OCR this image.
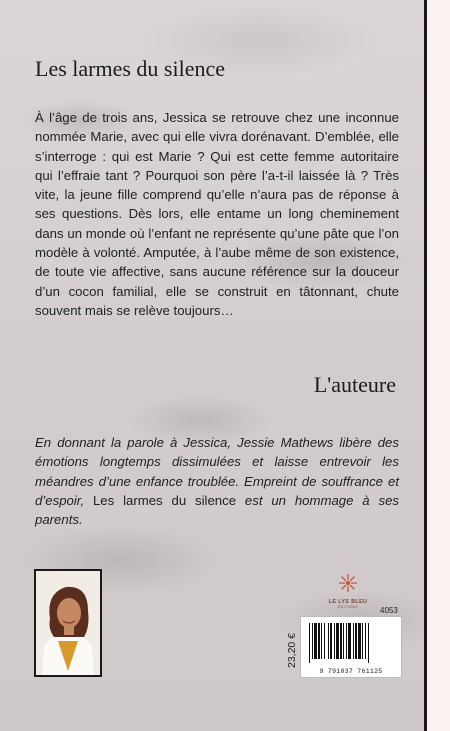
Les larmes du silence

À l’âge de trois ans, Jessica se retrouve chez une inconnue nommée Marie, avec qui elle vivra dorénavant. D’emblée, elle s’interroge : qui est Marie ? Qui est cette femme autoritaire qui l’effraie tant ? Pourquoi son père l’a-t-il laissée là ? Très vite, la jeune fille comprend qu’elle n’aura pas de réponse à ses questions. Dès lors, elle entame un long cheminement dans un monde où l’enfant ne représente qu’une pâte que l’on modèle à volonté. Amputée, à l’aube même de son existence, de toute vie affective, sans aucune référence sur la douceur d’un cocon familial, elle se construit en tâtonnant, chute souvent mais se relève toujours…

L'auteure

En donnant la parole à Jessica, Jessie Mathews libère des émotions longtemps dissimulées et laisse entrevoir les méandres d’une enfance troublée. Empreint de souffrance et d’espoir, Les larmes du silence est un hommage à ses parents.

LE LYS BLEU
ÉDITIONS	4053
23,20 €
9 791037 761125
